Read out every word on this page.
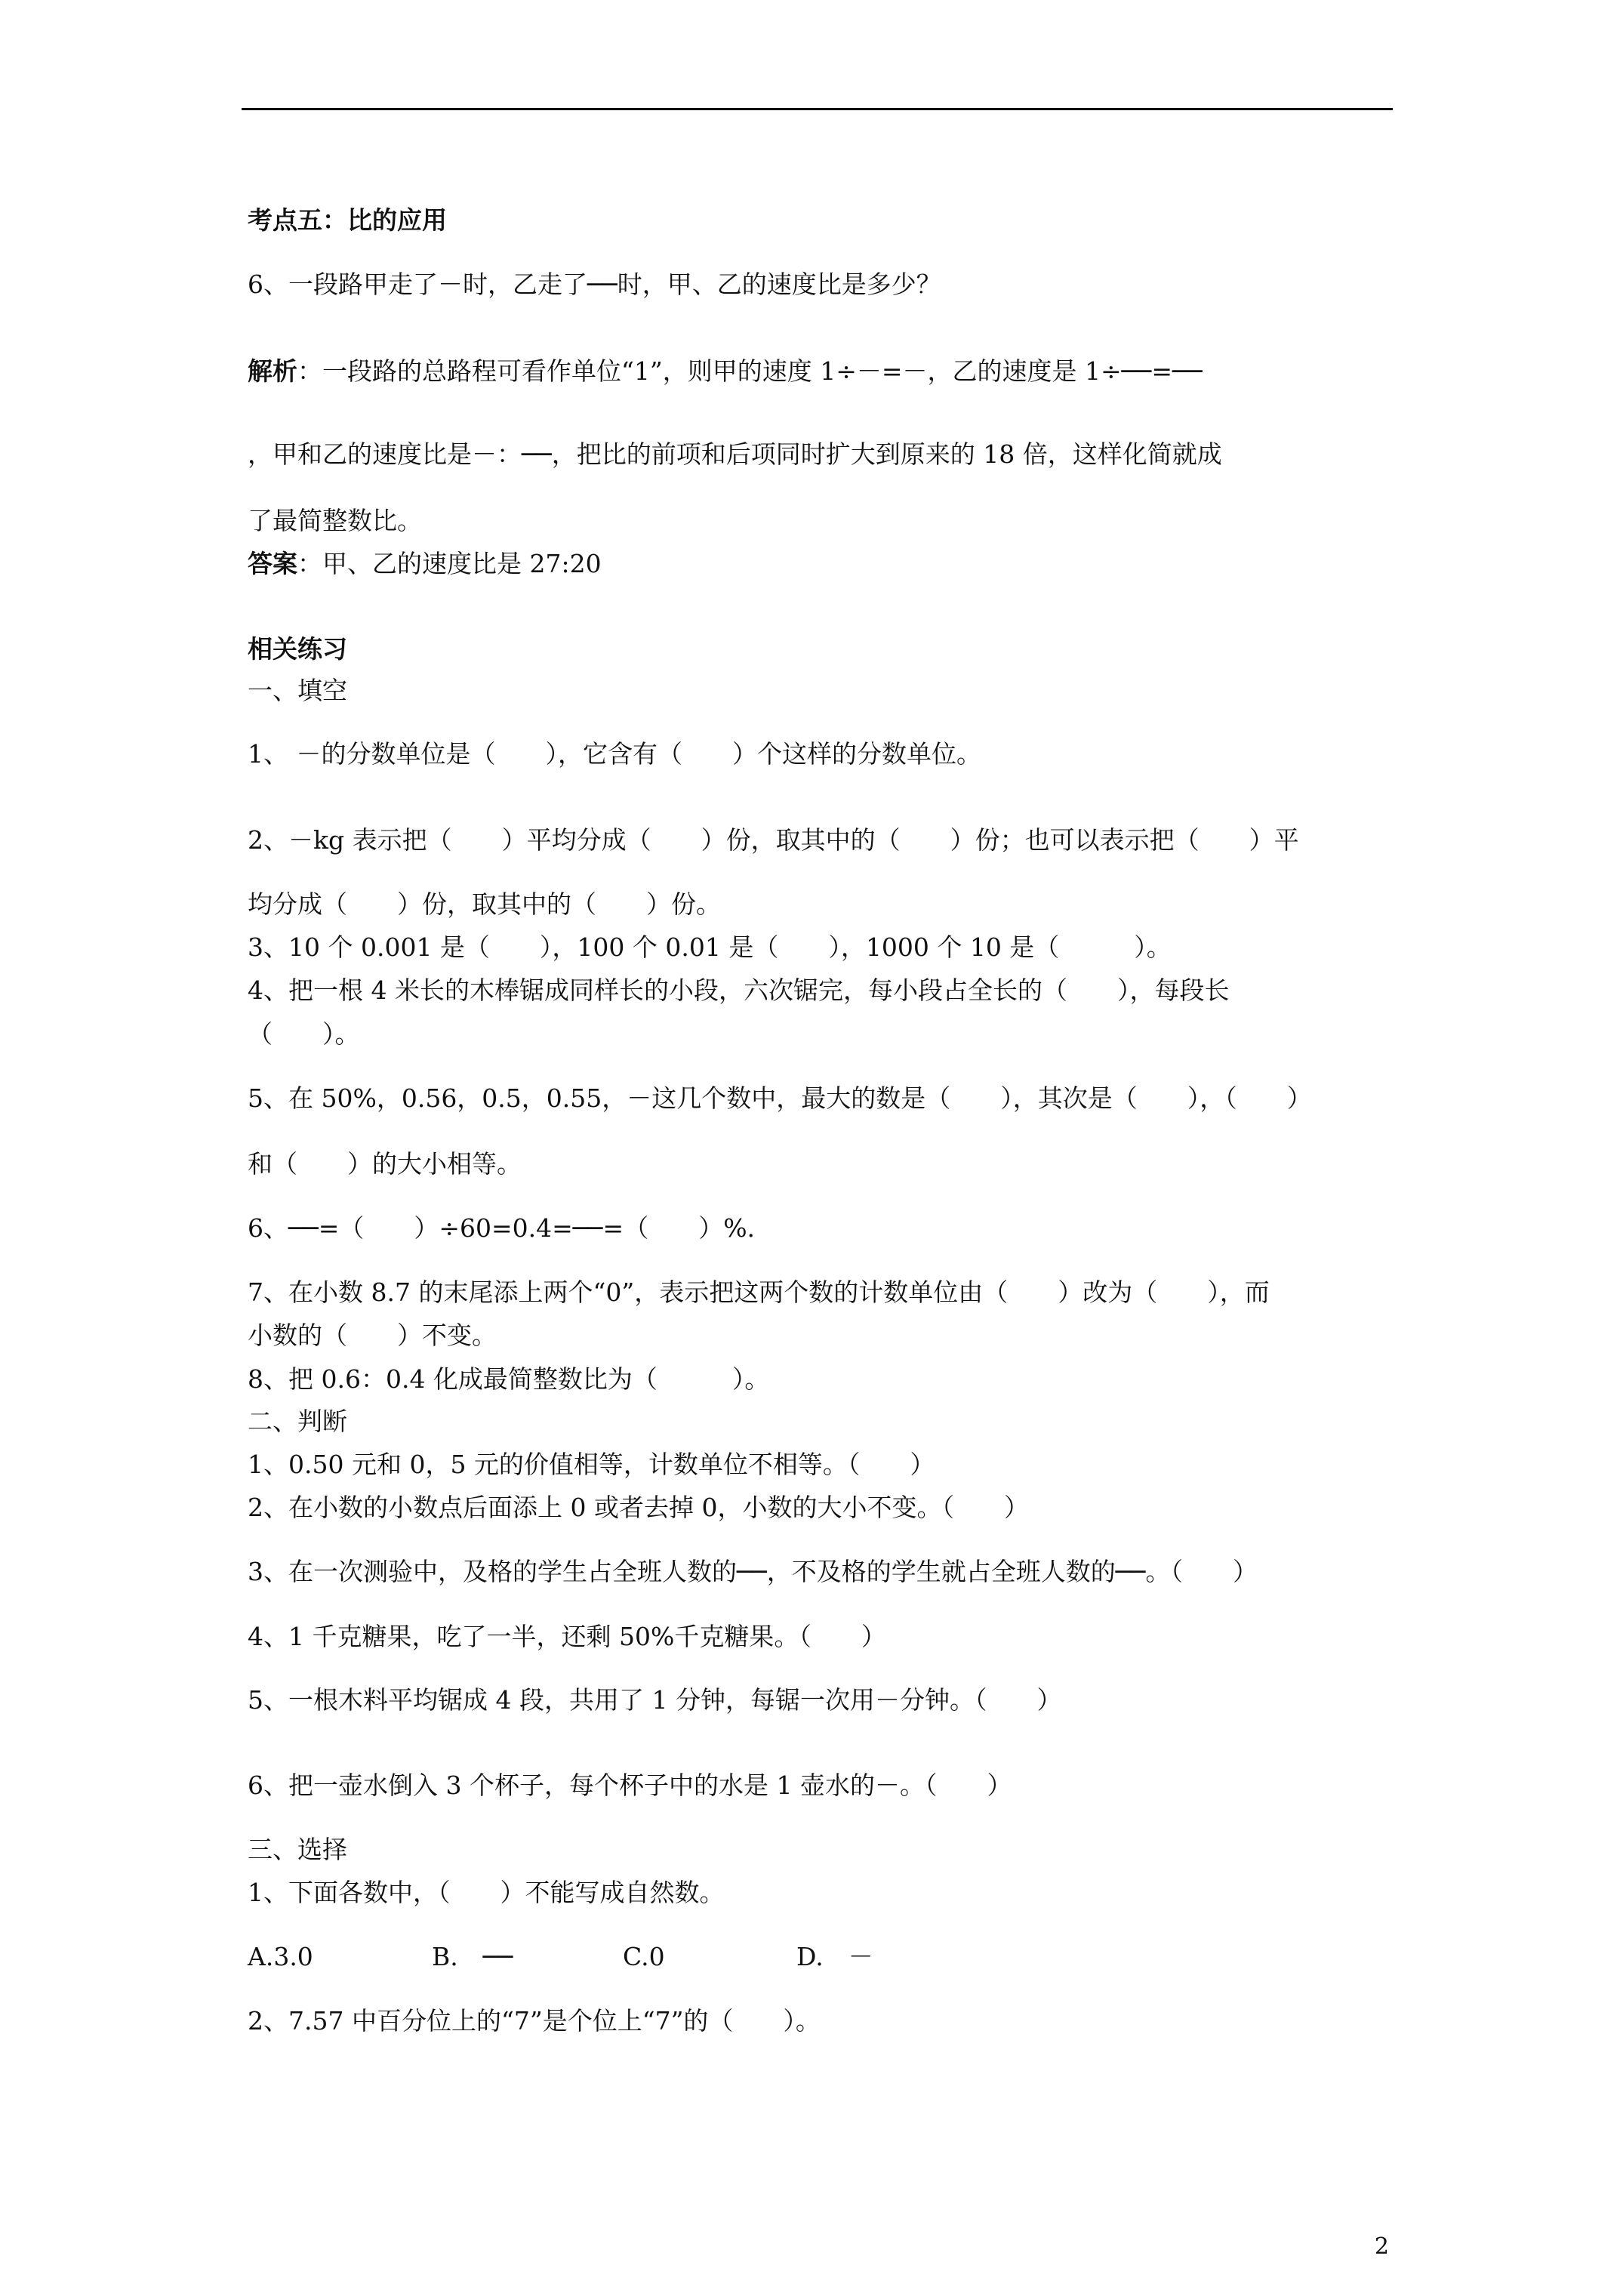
考点五：比的应用
6、一段路甲走了－时，乙走了──时，甲、乙的速度比是多少？
解析：一段路的总路程可看作单位“1”，则甲的速度 1÷－=－，乙的速度是 1÷──=──
，甲和乙的速度比是－：──，把比的前项和后项同时扩大到原来的 18 倍，这样化简就成
了最简整数比。
答案：甲、乙的速度比是 27:20
相关练习
一、填空
1、 －的分数单位是（　　），它含有（　　）个这样的分数单位。
2、－kg 表示把（　　）平均分成（　　）份，取其中的（　　）份；也可以表示把（　　）平
均分成（　　）份，取其中的（　　）份。
3、10 个 0.001 是（　　），100 个 0.01 是（　　），1000 个 10 是（　　　）。
4、把一根 4 米长的木棒锯成同样长的小段，六次锯完，每小段占全长的（　　），每段长
（　　）。
5、在 50%，0.56，0.5，0.55，－这几个数中，最大的数是（　　），其次是（　　），（　　）
和（　　）的大小相等。
6、──=（　　）÷60=0.4=──=（　　）%.
7、在小数 8.7 的末尾添上两个“0”，表示把这两个数的计数单位由（　　）改为（　　），而
小数的（　　）不变。
8、把 0.6：0.4 化成最简整数比为（　　　）。
二、判断
1、0.50 元和 0，5 元的价值相等，计数单位不相等。（　　）
2、在小数的小数点后面添上 0 或者去掉 0，小数的大小不变。（　　）
3、在一次测验中，及格的学生占全班人数的──，不及格的学生就占全班人数的──。（　　）
4、1 千克糖果，吃了一半，还剩 50%千克糖果。（　　）
5、一根木料平均锯成 4 段，共用了 1 分钟，每锯一次用－分钟。（　　）
6、把一壶水倒入 3 个杯子，每个杯子中的水是 1 壶水的－。（　　）
三、选择
1、下面各数中，（　　）不能写成自然数。
A.3.0	B.　──	C.0	D.　－
2、7.57 中百分位上的“7”是个位上“7”的（　　）。
2
